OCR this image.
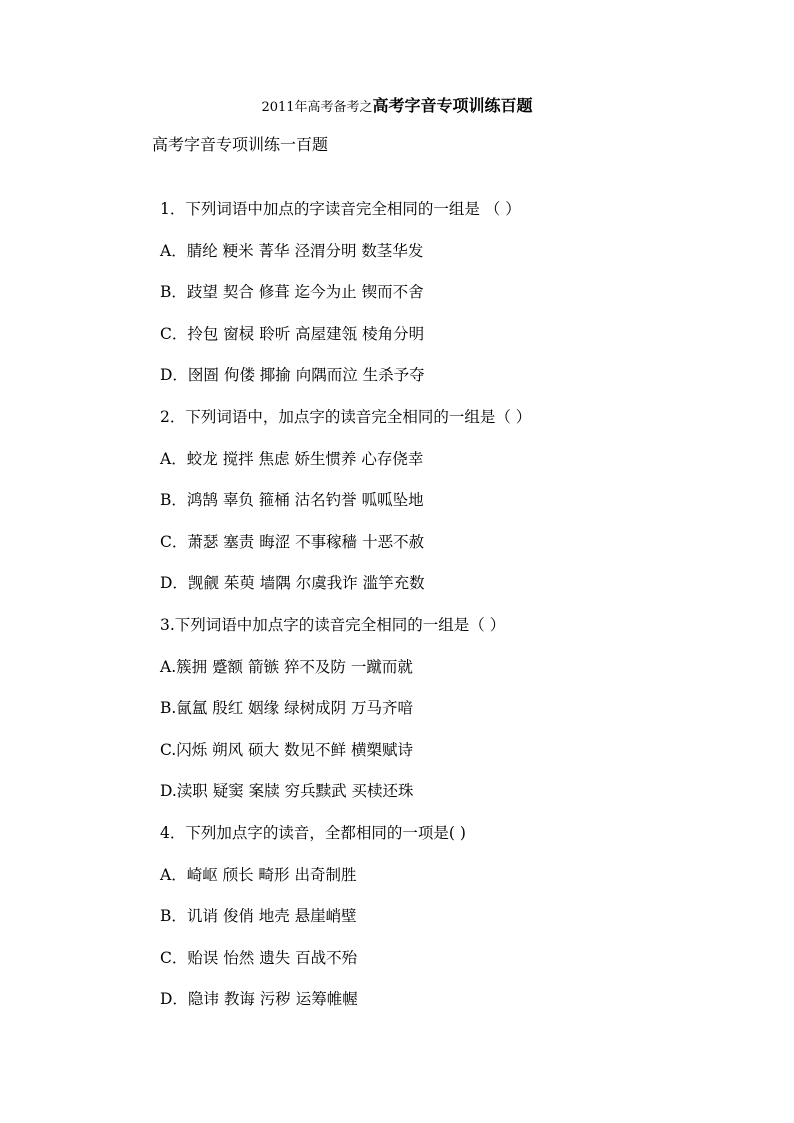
2011年高考备考之高考字音专项训练百题
高考字音专项训练一百题
1．下列词语中加点的字读音完全相同的一组是 （ ）
A．腈纶 粳米 菁华 泾渭分明 数茎华发
B．跂望 契合 修葺 迄今为止 锲而不舍
C．拎包 窗棂 聆听 高屋建瓴 棱角分明
D．囹圄 佝偻 揶揄 向隅而泣 生杀予夺
2．下列词语中，加点字的读音完全相同的一组是（ ）
A．蛟龙 搅拌 焦虑 娇生惯养 心存侥幸
B．鸿鹄 辜负 箍桶 沽名钓誉 呱呱坠地
C．萧瑟 塞责 晦涩 不事稼穑 十恶不赦
D．觊觎 茱萸 墙隅 尔虞我诈 滥竽充数
3.下列词语中加点字的读音完全相同的一组是（ ）
A.簇拥 蹙额 箭镞 猝不及防 一蹴而就
B.氤氲 殷红 姻缘 绿树成阴 万马齐喑
C.闪烁 朔风 硕大 数见不鲜 横槊赋诗
D.渎职 疑窦 案牍 穷兵黩武 买椟还珠
4．下列加点字的读音，全都相同的一项是( )
A．崎岖 颀长 畸形 出奇制胜
B．讥诮 俊俏 地壳 悬崖峭壁
C．贻误 怡然 遗失 百战不殆
D．隐讳 教诲 污秽 运筹帷幄
